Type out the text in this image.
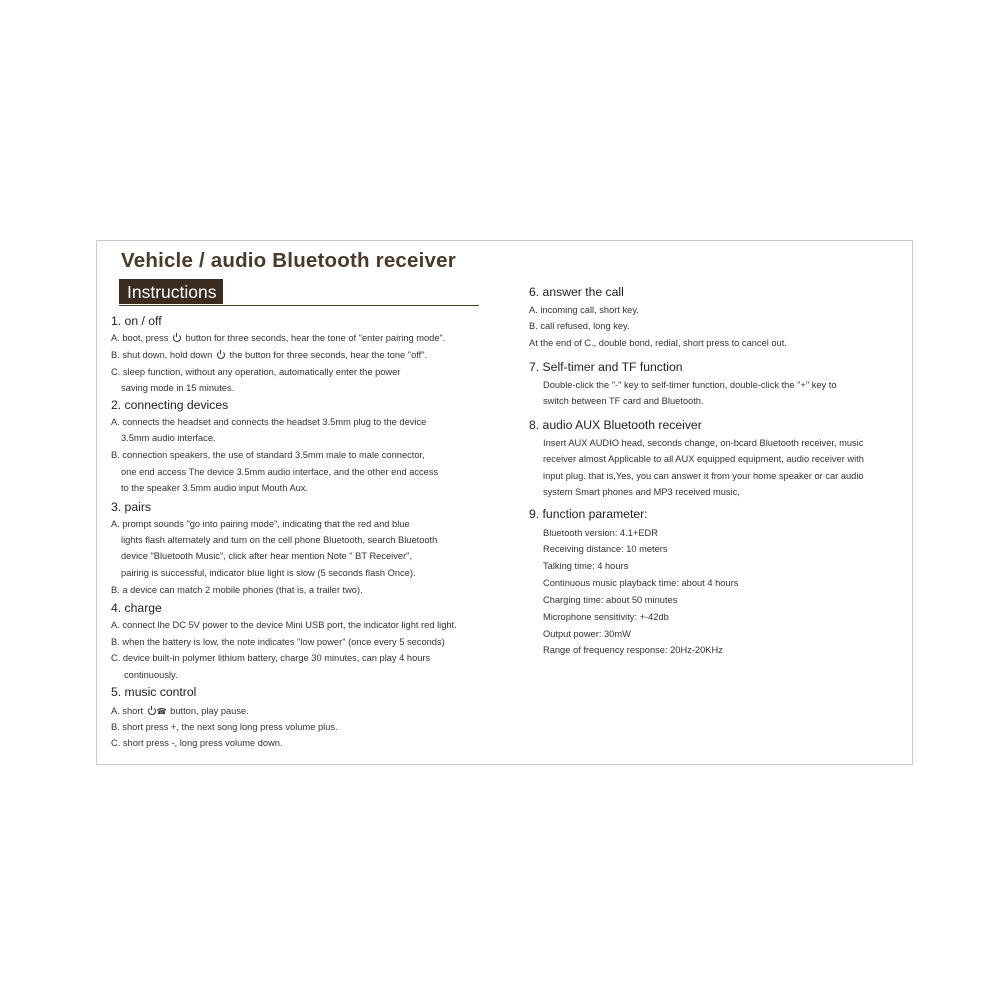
Vehicle / audio Bluetooth receiver
Instructions

1. on / off

A. boot, press  button for three seconds, hear the tone of "enter pairing mode".

B. shut down, hold down  the button for three seconds, hear the tone "off".

C. sleep function, without any operation, automatically enter the power

saving mode in 15 minutes.

2. connecting devices

A. connects the headset and connects the headset 3.5mm plug to the device

3.5mm audio interface.

B. connection speakers, the use of standard 3.5mm male to male connector,

one end access The device 3.5mm audio interface, and the other end access

to the speaker 3.5mm audio input Mouth Aux.

3. pairs

A. prompt sounds "go into pairing mode", indicating that the red and blue

lights flash alternately and turn on the cell phone Bluetooth, search Bluetooth

device "Bluetooth Music", click after hear mention Note " BT Receiver",

pairing is successful, indicator blue light is slow (5 seconds flash Once).

B. a device can match 2 mobile phones (that is, a trailer two).

4. charge

A. connect lhe DC 5V power to the device Mini USB port, the indicator light red light.

B. when the battery is low, the note indicates "low power" (once every 5 seconds)

C. device built-in polymer lithium battery, charge 30 minutes, can play 4 hours

continuously.

5. music control

A. short ☎ button, play pause.

B. short press +, the next song long press volume plus.

C. short press -, long press volume down.

6. answer the call

A. incoming call, short key.

B. call refused, long key.

At the end of C., double bond, redial, short press to cancel out.

7. Self-timer and TF function

Double-click the "-" key to self-timer function, double-click the "+" key to

switch between TF card and Bluetooth.

8. audio AUX Bluetooth receiver

Insert AUX AUDIO head, seconds change, on-bcard Bluetooth receiver, music

receiver almost Applicable to all AUX equipped equipment, audio receiver with

input plug. that is,Yes, you can answer it from your home speaker or car audio

system Smart phones and MP3 received music,

9. function parameter:

Bluetooth version: 4.1+EDR

Receiving distance: 10 meters

Talking time: 4 hours

Continuous music playback time: about 4 hours

Charging time: about 50 minutes

Microphone sensitivity: +-42db

Output power: 30mW

Range of frequency response: 20Hz-20KHz
